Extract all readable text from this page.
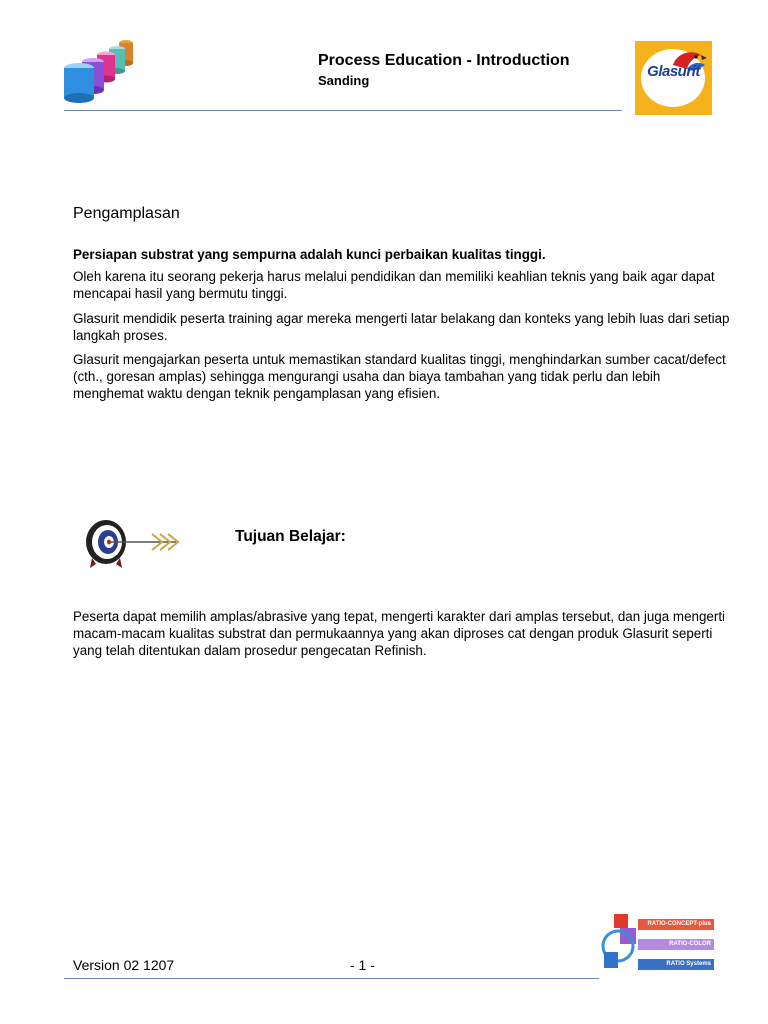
Process Education - Introduction
Sanding
Glasurit
Pengamplasan
Persiapan substrat yang sempurna adalah kunci perbaikan kualitas tinggi.
Oleh karena itu seorang pekerja harus melalui pendidikan dan memiliki keahlian teknis yang baik agar dapat mencapai hasil yang bermutu tinggi.
Glasurit mendidik peserta training agar mereka mengerti latar belakang dan konteks yang lebih luas dari setiap langkah proses.
Glasurit mengajarkan peserta untuk memastikan standard kualitas tinggi, menghindarkan sumber cacat/defect (cth., goresan amplas) sehingga mengurangi usaha dan biaya tambahan yang tidak perlu dan lebih menghemat waktu dengan teknik pengamplasan yang efisien.
Tujuan Belajar:
Peserta dapat memilih amplas/abrasive yang tepat, mengerti karakter dari amplas tersebut, dan juga mengerti macam-macam kualitas substrat dan permukaannya yang akan diproses cat dengan produk Glasurit seperti yang telah ditentukan dalam prosedur pengecatan Refinish.
Version 02 1207	- 1 -
RATIO-CONCEPT-plus
RATIO-COLOR
RATIO Systems
